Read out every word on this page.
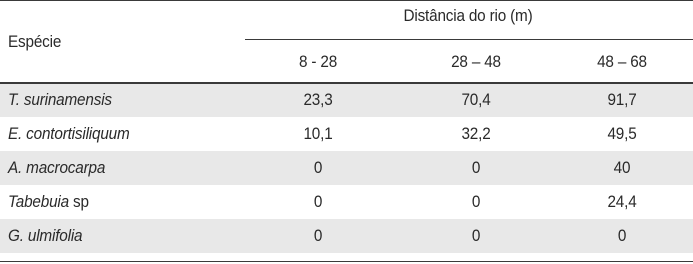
Espécie
Distância do rio (m)
8 - 28	28 – 48	48 – 68
T. surinamensis	23,3	70,4	91,7
E. contortisiliquum	10,1	32,2	49,5
A. macrocarpa	0	0	40
Tabebuia sp	0	0	24,4
G. ulmifolia	0	0	0
